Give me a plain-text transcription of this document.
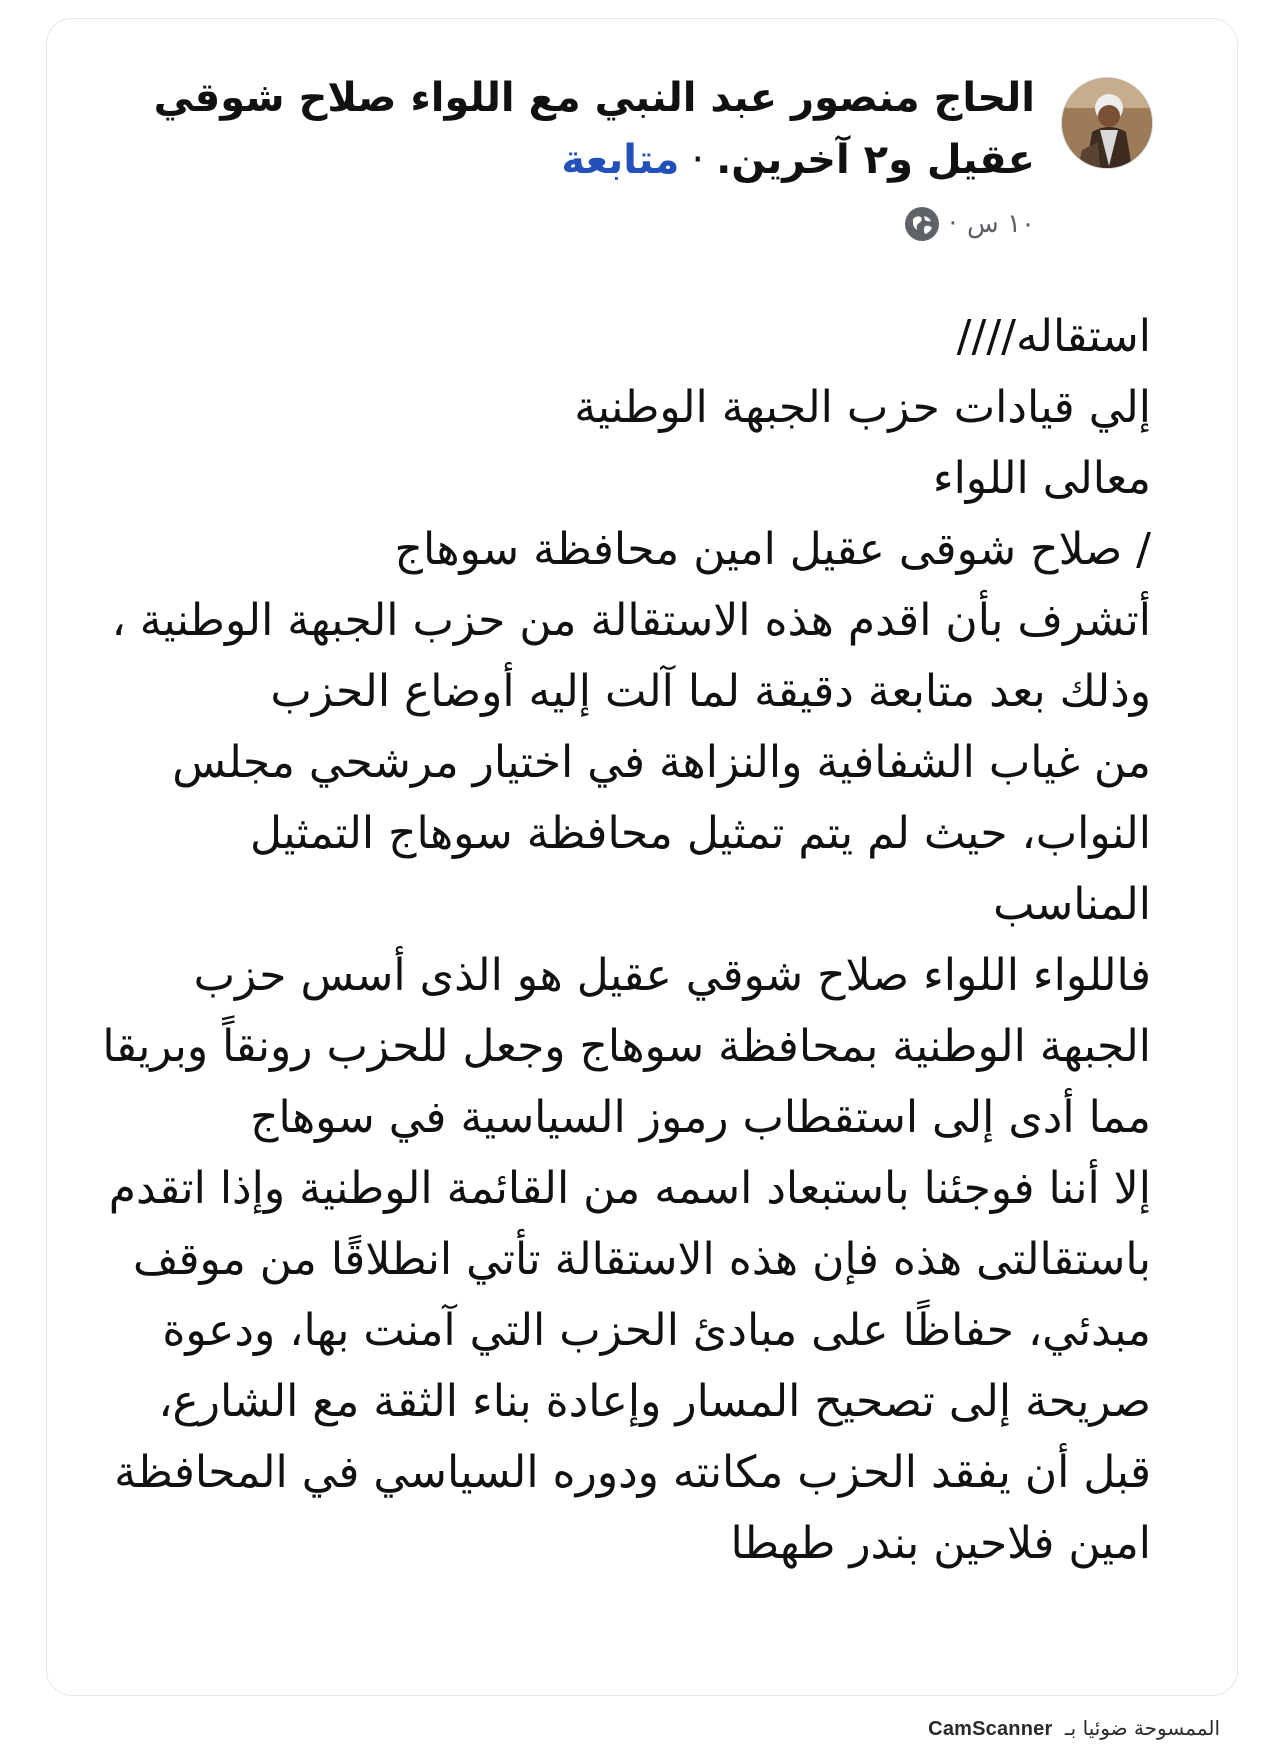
الحاج منصور عبد النبي مع اللواء صلاح شوقي
عقيل و٢ آخرين.·متابعة
١٠ س
·
استقاله////
إلي قيادات حزب الجبهة الوطنية
معالى اللواء
/ صلاح شوقى عقيل امين محافظة سوهاج
أتشرف بأن اقدم هذه الاستقالة من حزب الجبهة الوطنية ،
وذلك بعد متابعة دقيقة لما آلت إليه أوضاع الحزب
من غياب الشفافية والنزاهة في اختيار مرشحي مجلس
النواب، حيث لم يتم تمثيل محافظة سوهاج التمثيل
المناسب
فاللواء اللواء صلاح شوقي عقيل هو الذى أسس حزب
الجبهة الوطنية بمحافظة سوهاج وجعل للحزب رونقاً وبريقا
مما أدى إلى استقطاب رموز السياسية في سوهاج
إلا أننا فوجئنا باستبعاد اسمه من القائمة الوطنية وإذا اتقدم
باستقالتى هذه فإن هذه الاستقالة تأتي انطلاقًا من موقف
مبدئي، حفاظًا على مبادئ الحزب التي آمنت بها، ودعوة
صريحة إلى تصحيح المسار وإعادة بناء الثقة مع الشارع،
قبل أن يفقد الحزب مكانته ودوره السياسي في المحافظة
امين فلاحين بندر طهطا
الممسوحة ضوئيا بـ CamScanner
